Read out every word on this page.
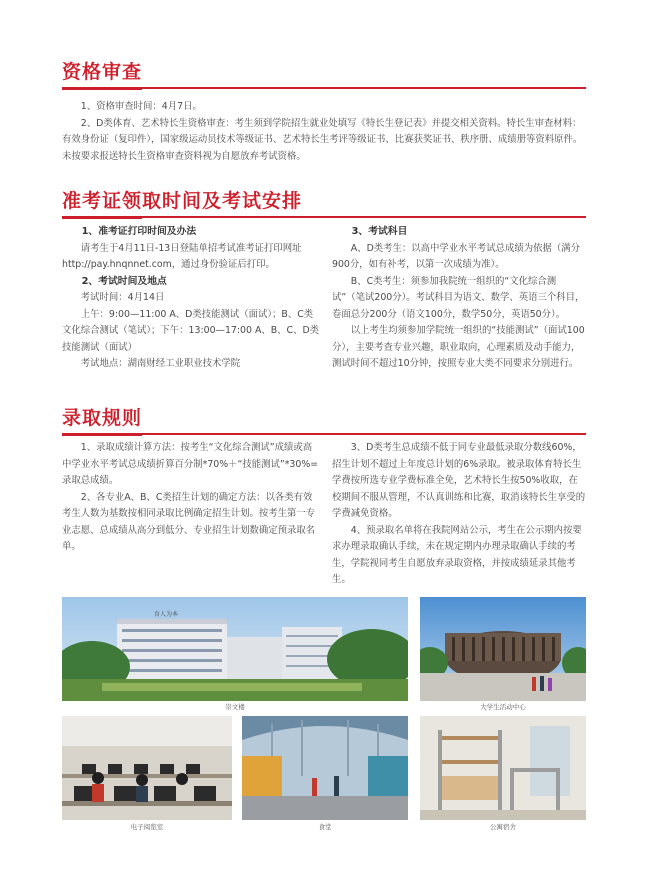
资格审查
1、资格审查时间：4月7日。
2、D类体育、艺术特长生资格审查：考生须到学院招生就业处填写《特长生登记表》并提交相关资料。特长生审查材料：有效身份证（复印件），国家级运动员技术等级证书、艺术特长生考评等级证书、比赛获奖证书、秩序册、成绩册等资料原件。未按要求报送特长生资格审查资料视为自愿放弃考试资格。
准考证领取时间及考试安排
1、准考证打印时间及办法
请考生于4月11日-13日登陆单招考试准考证打印网址http://pay.hnqnnet.com，通过身份验证后打印。
2、考试时间及地点
考试时间：4月14日
上午：9:00—11:00 A、D类技能测试（面试）；B、C类文化综合测试（笔试）；下午：13:00—17:00 A、B、C、D类技能测试（面试）
考试地点：湖南财经工业职业技术学院
3、考试科目
A、D类考生：以高中学业水平考试总成绩为依据（满分900分，如有补考，以第一次成绩为准）。
B、C类考生：须参加我院统一组织的“文化综合测试”（笔试200分）。考试科目为语文、数学、英语三个科目，卷面总分200分（语文100分，数学50分，英语50分）。
以上考生均须参加学院统一组织的“技能测试”（面试100分），主要考查专业兴趣，职业取向，心理素质及动手能力，测试时间不超过10分钟，按照专业大类不同要求分别进行。
录取规则
1、录取成绩计算方法：按考生“文化综合测试”成绩或高中学业水平考试总成绩折算百分制*70%＋“技能测试”*30%=录取总成绩。
2、各专业A、B、C类招生计划的确定方法：以各类有效考生人数为基数按相同录取比例确定招生计划。按考生第一专业志愿、总成绩从高分到低分、专业招生计划数确定预录取名单。
3、D类考生总成绩不低于同专业最低录取分数线60%，招生计划不超过上年度总计划的6%录取。被录取体育特长生学费按所选专业学费标准全免，艺术特长生按50%收取，在校期间不服从管理，不认真训练和比赛，取消该特长生享受的学费减免资格。
4、预录取名单将在我院网站公示，考生在公示期内按要求办理录取确认手续，未在规定期内办理录取确认手续的考生，学院视同考生自愿放弃录取资格，并按成绩延录其他考生。
育人为本
崇文楼	大学生活动中心
电子阅览室	食堂	公寓宿舍
